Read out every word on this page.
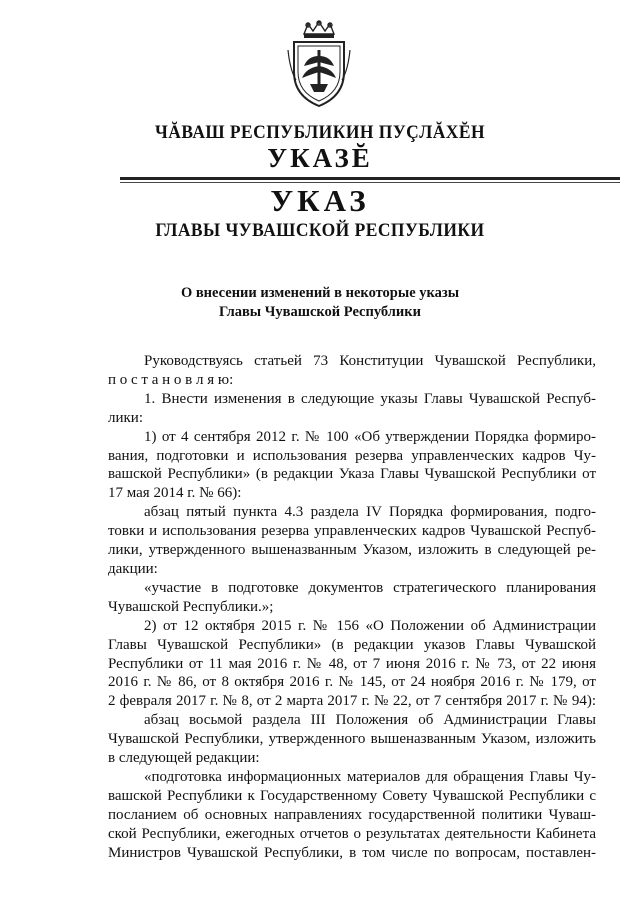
ЧĂВАШ РЕСПУБЛИКИН ПУÇЛĂХĔН
УКАЗĔ
УКАЗ
ГЛАВЫ ЧУВАШСКОЙ РЕСПУБЛИКИ
О внесении изменений в некоторые указы
Главы Чувашской Республики
Руководствуясь статьей 73 Конституции Чувашской Республики,
п о с т а н о в л я ю:
1. Внести изменения в следующие указы Главы Чувашской Респуб-
лики:
1) от 4 сентября 2012 г. № 100 «Об утверждении Порядка формиро-
вания, подготовки и использования резерва управленческих кадров Чу-
вашской Республики» (в редакции Указа Главы Чувашской Республики от
17 мая 2014 г. № 66):
абзац пятый пункта 4.3 раздела IV Порядка формирования, подго-
товки и использования резерва управленческих кадров Чувашской Респуб-
лики, утвержденного вышеназванным Указом, изложить в следующей ре-
дакции:
«участие в подготовке документов стратегического планирования
Чувашской Республики.»;
2) от 12 октября 2015 г. № 156 «О Положении об Администрации
Главы Чувашской Республики» (в редакции указов Главы Чувашской
Республики от 11 мая 2016 г. № 48, от 7 июня 2016 г. № 73, от 22 июня
2016 г. № 86, от 8 октября 2016 г. № 145, от 24 ноября 2016 г. № 179, от
2 февраля 2017 г. № 8, от 2 марта 2017 г. № 22, от 7 сентября 2017 г. № 94):
абзац восьмой раздела III Положения об Администрации Главы
Чувашской Республики, утвержденного вышеназванным Указом, изложить
в следующей редакции:
«подготовка информационных материалов для обращения Главы Чу-
вашской Республики к Государственному Совету Чувашской Республики с
посланием об основных направлениях государственной политики Чуваш-
ской Республики, ежегодных отчетов о результатах деятельности Кабинета
Министров Чувашской Республики, в том числе по вопросам, поставлен-
